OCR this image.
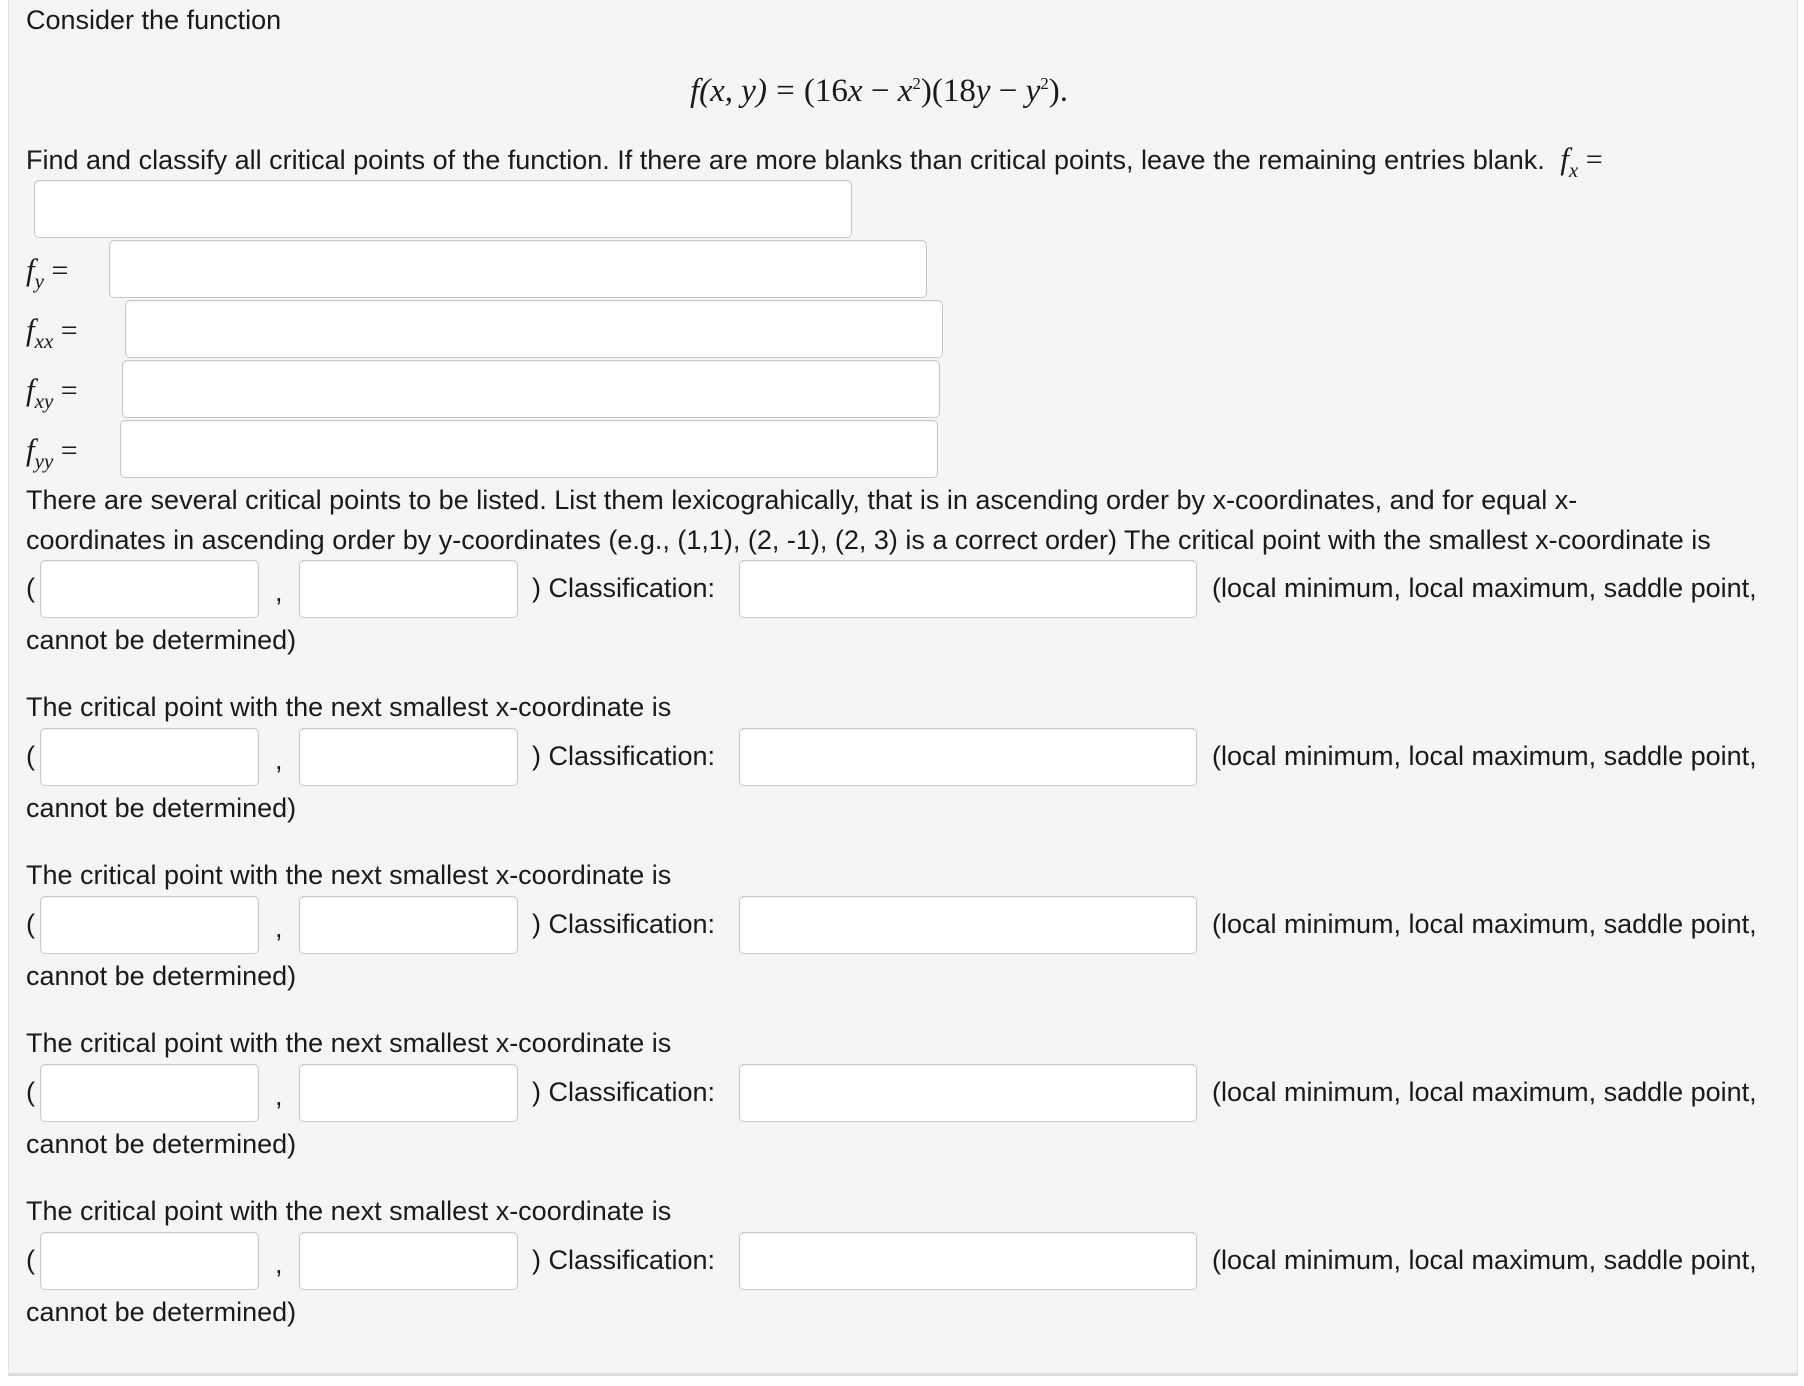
Consider the function
f(x, $y) = (16x - x^2)(18y - y^2)$.
Find and classify all critical points of the function. If there are more blanks than critical points, leave the remaining entries blank. $f_x$ =
$f_y$ =
$f_{xx}$ =
$f_{xy}$ =
$f_{yy}$ =
There are several critical points to be listed. List them lexicograhically, that is in ascending order by x-coordinates, and for equal x-
coordinates in ascending order by y-coordinates (e.g., (1,1), (2, -1), (2, 3) is a correct order) The critical point with the smallest x-coordinate is
(	,	) Classification:	(local minimum, local maximum, saddle point,
cannot be determined)
The critical point with the next smallest x-coordinate is
(	,	) Classification:	(local minimum, local maximum, saddle point,
cannot be determined)
The critical point with the next smallest x-coordinate is
(	,	) Classification:	(local minimum, local maximum, saddle point,
cannot be determined)
The critical point with the next smallest x-coordinate is
(	,	) Classification:	(local minimum, local maximum, saddle point,
cannot be determined)
The critical point with the next smallest x-coordinate is
(	,	) Classification:	(local minimum, local maximum, saddle point,
cannot be determined)
